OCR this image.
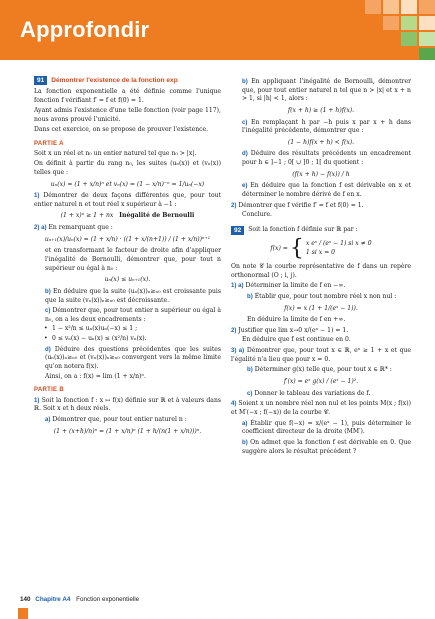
Approfondir
91	Démontrer l'existence de la fonction exp

La fonction exponentielle a été définie comme l'unique fonction f vérifiant f′ = f et f(0) = 1.

Ayant admis l'existence d'une telle fonction (voir page 117), nous avons prouvé l'unicité.

Dans cet exercice, on se propose de prouver l'existence.

PARTIE A

Soit x un réel et n₀ un entier naturel tel que n₀ > |x|.

On définit à partir du rang n₀, les suites (uₙ(x)) et (vₙ(x)) telles que :

uₙ(x) = (1 + x/n)ⁿ et vₙ(x) = (1 − x/n)⁻ⁿ = 1/uₙ(−x)

1) Démontrer de deux façons différentes que, pour tout entier naturel n et tout réel x supérieur à −1 :

(1 + x)ⁿ ≥ 1 + nx Inégalité de Bernoulli

2) a) En remarquant que :

uₙ₊₁(x)/uₙ(x) = (1 + x/n) · ((1 + x/(n+1)) / (1 + x/n))ⁿ⁺¹

et en transformant le facteur de droite afin d'appliquer l'inégalité de Bernoulli, démontrer que, pour tout n supérieur ou égal à n₀ :

uₙ(x) ≤ uₙ₊₁(x).

b) En déduire que la suite (uₙ(x))ₙ≥ₙ₀ est croissante puis que la suite (vₙ(x))ₙ≥ₙ₀ est décroissante.

c) Démontrer que, pour tout entier n supérieur ou égal à n₀, on a les deux encadrements :

• 1 − x²/n ≤ uₙ(x)uₙ(−x) ≤ 1 ;
• 0 ≤ vₙ(x) − uₙ(x) ≤ (x²/n) vₙ(x).

d) Déduire des questions précédentes que les suites (uₙ(x))ₙ≥ₙ₀ et (vₙ(x))ₙ≥ₙ₀ convergent vers la même limite qu'on notera f(x).

Ainsi, on a : f(x) = lim (1 + x/n)ⁿ.

PARTIE B

1) Soit la fonction f : x ↦ f(x) définie sur ℝ et à valeurs dans ℝ. Soit x et h deux réels.

a) Démontrer que, pour tout entier naturel n :

(1 + (x+h)/n)ⁿ = (1 + x/n)ⁿ (1 + h/(n(1 + x/n)))ⁿ.

b) En appliquant l'inégalité de Bernoulli, démontrer que, pour tout entier naturel n tel que n > |x| et x + n > 1, si |h| < 1, alors :

f(x + h) ≥ (1 + h)f(x).

c) En remplaçant h par −h puis x par x + h dans l'inégalité précédente, démontrer que :

(1 − h)f(x + h) < f(x).

d) Déduire des résultats précédents un encadrement pour h ∈ ]−1 ; 0[ ∪ ]0 ; 1[ du quotient :

(f(x + h) − f(x)) / h

e) En déduire que la fonction f est dérivable en x et déterminer le nombre dérivé de f en x.

2) Démontrer que f vérifie f′ = f et f(0) = 1.

Conclure.

92	Soit la fonction f définie sur ℝ par :
f(x) = { x eˣ / (eˣ − 1) si x ≠ 0
1 si x = 0

On note 𝒞 la courbe représentative de f dans un repère orthonormal (O ; i, j).

1) a) Déterminer la limite de f en −∞.

b) Établir que, pour tout nombre réel x non nul :

f(x) = x (1 + 1/(eˣ − 1)).

En déduire la limite de f en +∞.

2) Justifier que lim x→0 x/(eˣ − 1) = 1.

En déduire que f est continue en 0.

3) a) Démontrer que, pour tout x ∈ ℝ, eˣ ≥ 1 + x et que l'égalité n'a lieu que pour x = 0.

b) Déterminer g(x) telle que, pour tout x ∈ ℝ* :

f′(x) = eˣ g(x) / (eˣ − 1)².

c) Donner le tableau des variations de f.

4) Soient x un nombre réel non nul et les points M(x ; f(x)) et M′(−x ; f(−x)) de la courbe 𝒞.

a) Établir que f(−x) = x/(eˣ − 1), puis déterminer le coefficient directeur de la droite (MM′).

b) On admet que la fonction f est dérivable en 0. Que suggère alors le résultat précédent ?

140 Chapitre A4 Fonction exponentielle
